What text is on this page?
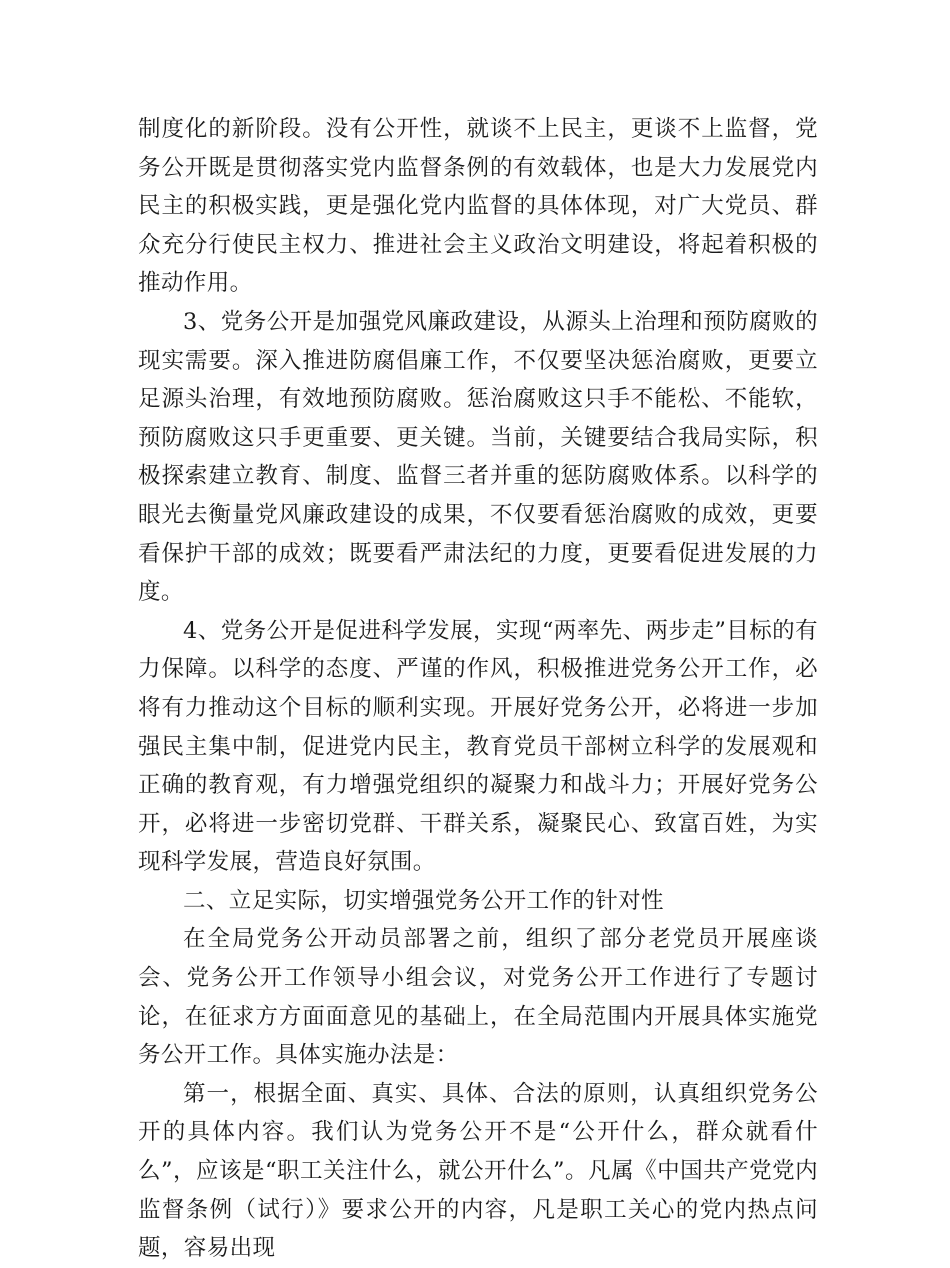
制度化的新阶段。没有公开性，就谈不上民主，更谈不上监督，党务公开既是贯彻落实党内监督条例的有效载体，也是大力发展党内民主的积极实践，更是强化党内监督的具体体现，对广大党员、群众充分行使民主权力、推进社会主义政治文明建设，将起着积极的推动作用。

3、党务公开是加强党风廉政建设，从源头上治理和预防腐败的现实需要。深入推进防腐倡廉工作，不仅要坚决惩治腐败，更要立足源头治理，有效地预防腐败。惩治腐败这只手不能松、不能软，预防腐败这只手更重要、更关键。当前，关键要结合我局实际，积极探索建立教育、制度、监督三者并重的惩防腐败体系。以科学的眼光去衡量党风廉政建设的成果，不仅要看惩治腐败的成效，更要看保护干部的成效；既要看严肃法纪的力度，更要看促进发展的力度。

4、党务公开是促进科学发展，实现“两率先、两步走”目标的有力保障。以科学的态度、严谨的作风，积极推进党务公开工作，必将有力推动这个目标的顺利实现。开展好党务公开，必将进一步加强民主集中制，促进党内民主，教育党员干部树立科学的发展观和正确的教育观，有力增强党组织的凝聚力和战斗力；开展好党务公开，必将进一步密切党群、干群关系，凝聚民心、致富百姓，为实现科学发展，营造良好氛围。

二、立足实际，切实增强党务公开工作的针对性

在全局党务公开动员部署之前，组织了部分老党员开展座谈会、党务公开工作领导小组会议，对党务公开工作进行了专题讨论，在征求方方面面意见的基础上，在全局范围内开展具体实施党务公开工作。具体实施办法是：

第一，根据全面、真实、具体、合法的原则，认真组织党务公开的具体内容。我们认为党务公开不是“公开什么，群众就看什么”，应该是“职工关注什么，就公开什么”。凡属《中国共产党党内监督条例（试行）》要求公开的内容，凡是职工关心的党内热点问题，容易出现
